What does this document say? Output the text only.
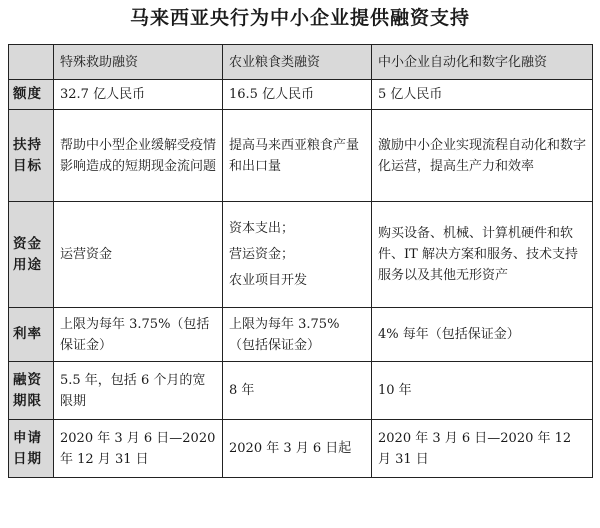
马来西亚央行为中小企业提供融资支持
	特殊救助融资	农业粮食类融资	中小企业自动化和数字化融资
额度	32.7 亿人民币	16.5 亿人民币	5 亿人民币
扶持目标	帮助中小型企业缓解受疫情影响造成的短期现金流问题	提高马来西亚粮食产量和出口量	激励中小企业实现流程自动化和数字化运营，提高生产力和效率
资金用途	运营资金	资本支出；
营运资金；
农业项目开发	购买设备、机械、计算机硬件和软件、IT 解决方案和服务、技术支持服务以及其他无形资产
利率	上限为每年 3.75%（包括保证金）	上限为每年 3.75%（包括保证金）	4% 每年（包括保证金）
融资期限	5.5 年，包括 6 个月的宽限期	8 年	10 年
申请日期	2020 年 3 月 6 日—2020 年 12 月 31 日	2020 年 3 月 6 日起	2020 年 3 月 6 日—2020 年 12 月 31 日
